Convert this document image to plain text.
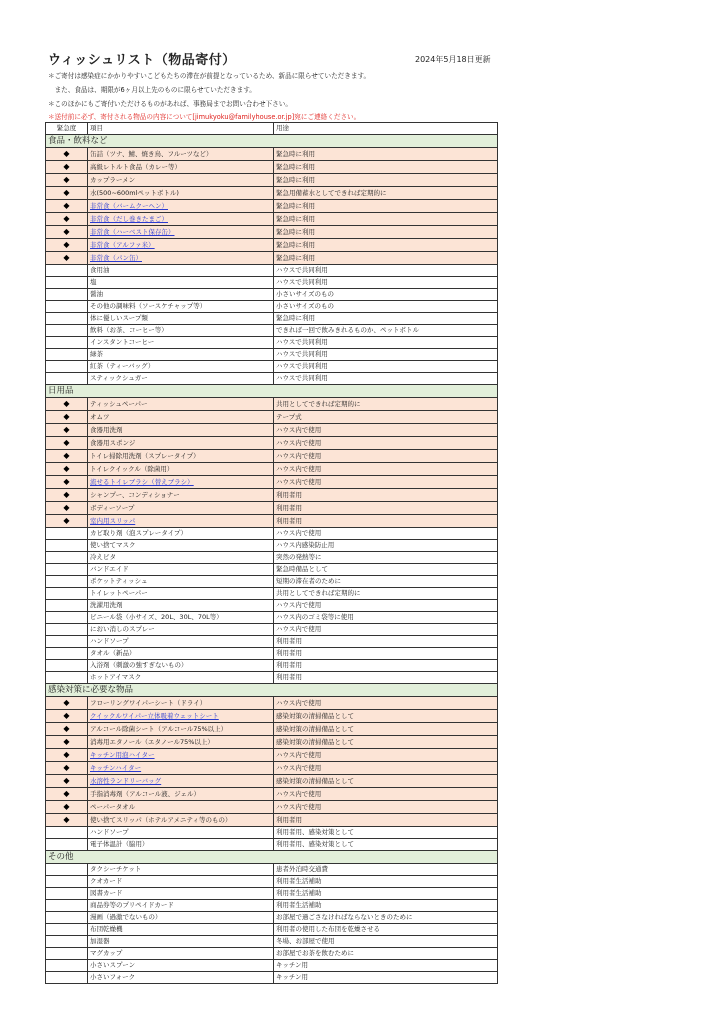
ウィッシュリスト（物品寄付）	2024年5月18日更新
＊ご寄付は感染症にかかりやすいこどもたちの滞在が前提となっているため、新品に限らせていただきます。
　また、食品は、期限が6ヶ月以上先のものに限らせていただきます。
＊このほかにもご寄付いただけるものがあれば、事務局までお問い合わせ下さい。
＊送付前に必ず、寄付される物品の内容について[jimukyoku@familyhouse.or.jp]宛にご連絡ください。
緊急度	項目	用途
食品・飲料など		
◆	缶詰（ツナ、鯖、焼き鳥、フルーツなど）	緊急時に利用
◆	高級レトルト食品（カレー等）	緊急時に利用
◆	カップラーメン	緊急時に利用
◆	水(500~600mlペットボトル)	緊急用備蓄水としてできれば定期的に
◆	非常食（バームクーヘン）	緊急時に利用
◆	非常食（だし巻きたまご）	緊急時に利用
◆	非常食（ハーベスト保存缶）	緊急時に利用
◆	非常食（アルファ米）	緊急時に利用
◆	非常食（パン缶）	緊急時に利用
	食用油	ハウスで共同利用
	塩	ハウスで共同利用
	醤油	小さいサイズのもの
	その他の調味料（ソースケチャップ等）	小さいサイズのもの
	体に優しいスープ類	緊急時に利用
	飲料（お茶、コーヒー等）	できれば一回で飲みきれるものか、ペットボトル
	インスタントコーヒー	ハウスで共同利用
	緑茶	ハウスで共同利用
	紅茶（ティーバッグ）	ハウスで共同利用
	スティックシュガー	ハウスで共同利用
日用品		
◆	ティッシュペーパー	共用としてできれば定期的に
◆	オムツ	テープ式
◆	食器用洗剤	ハウス内で使用
◆	食器用スポンジ	ハウス内で使用
◆	トイレ掃除用洗剤（スプレータイプ）	ハウス内で使用
◆	トイレクイックル（除菌用）	ハウス内で使用
◆	流せるトイレブラシ（替えブラシ）	ハウス内で使用
◆	シャンプー、コンディショナー	利用者用
◆	ボディーソープ	利用者用
◆	室内用スリッパ	利用者用
	カビ取り剤（泡スプレータイプ）	ハウス内で使用
	使い捨てマスク	ハウス内感染防止用
	冷えピタ	突然の発熱等に
	バンドエイド	緊急時備品として
	ポケットティッシュ	短期の滞在者のために
	トイレットペーパー	共用としてできれば定期的に
	洗濯用洗剤	ハウス内で使用
	ビニール袋（小サイズ、20L、30L、70L等）	ハウス内のゴミ袋等に使用
	におい消しのスプレー	ハウス内で使用
	ハンドソープ	利用者用
	タオル（新品）	利用者用
	入浴剤（刺激の強すぎないもの）	利用者用
	ホットアイマスク	利用者用
感染対策に必要な物品		
◆	フローリングワイパーシート（ドライ）	ハウス内で使用
◆	クイックルワイパー立体吸着ウェットシート	感染対策の清掃備品として
◆	アルコール除菌シート（アルコール75%以上）	感染対策の清掃備品として
◆	消毒用エタノール（エタノール75%以上）	感染対策の清掃備品として
◆	キッチン用泡ハイター	ハウス内で使用
◆	キッチンハイター	ハウス内で使用
◆	水溶性ランドリーバッグ	感染対策の清掃備品として
◆	手指消毒剤（アルコール液、ジェル）	ハウス内で使用
◆	ペーパータオル	ハウス内で使用
◆	使い捨てスリッパ（ホテルアメニティ等のもの）	利用者用
	ハンドソープ	利用者用、感染対策として
	電子体温計（脇用）	利用者用、感染対策として
その他		
	タクシーチケット	患者外泊時交通費
	クオカード	利用者生活補助
	図書カード	利用者生活補助
	商品券等のプリペイドカード	利用者生活補助
	漫画（過激でないもの）	お部屋で過ごさなければならないときのために
	布団乾燥機	利用者の使用した布団を乾燥させる
	加湿器	冬場、お部屋で使用
	マグカップ	お部屋でお茶を飲むために
	小さいスプーン	キッチン用
	小さいフォーク	キッチン用
